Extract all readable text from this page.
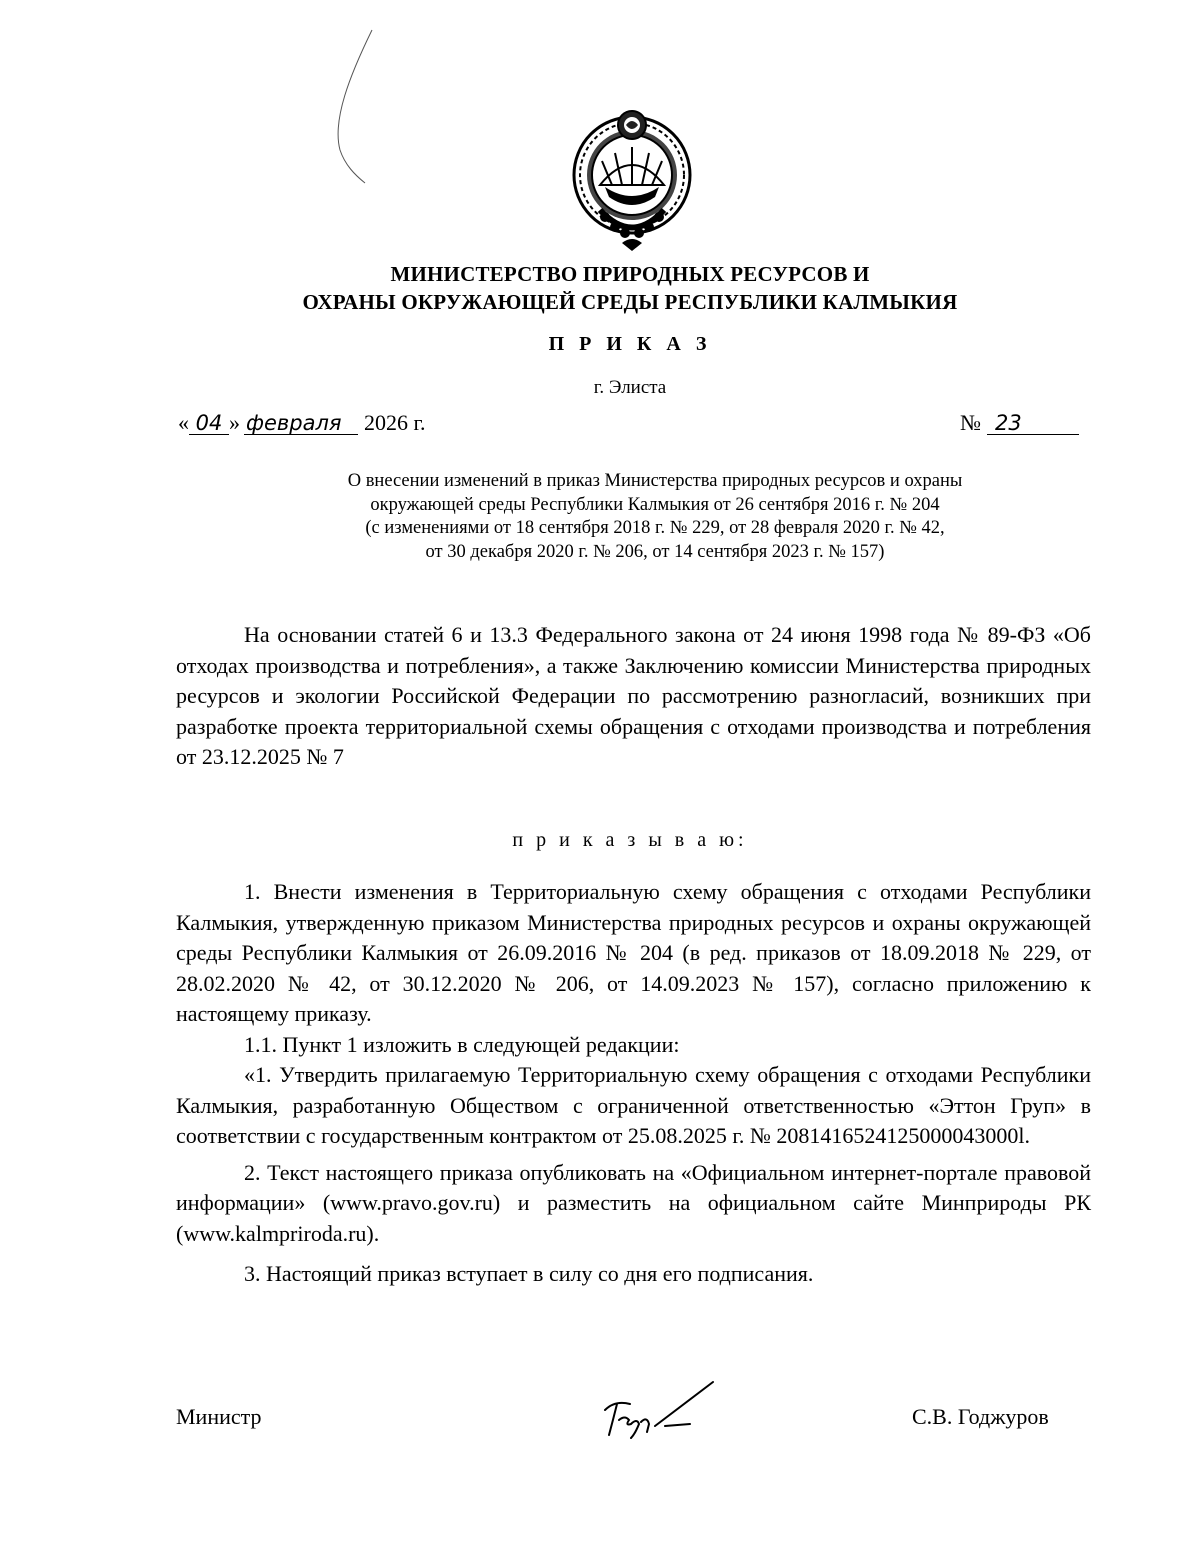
МИНИСТЕРСТВО ПРИРОДНЫХ РЕСУРСОВ И
ОХРАНЫ ОКРУЖАЮЩЕЙ СРЕДЫ РЕСПУБЛИКИ КАЛМЫКИЯ
П Р И К А З
г. Элиста
« 04 » февраля 2026 г.	№ 23
О внесении изменений в приказ Министерства природных ресурсов и охраны
окружающей среды Республики Калмыкия от 26 сентября 2016 г. № 204
(с изменениями от 18 сентября 2018 г. № 229, от 28 февраля 2020 г. № 42,
от 30 декабря 2020 г. № 206, от 14 сентября 2023 г. № 157)

На основании статей 6 и 13.3 Федерального закона от 24 июня 1998 года № 89-ФЗ «Об отходах производства и потребления», а также Заключению комиссии Министерства природных ресурсов и экологии Российской Федерации по рассмотрению разногласий, возникших при разработке проекта территориальной схемы обращения с отходами производства и потребления от 23.12.2025 № 7

п р и к а з ы в а ю:

1. Внести изменения в Территориальную схему обращения с отходами Республики Калмыкия, утвержденную приказом Министерства природных ресурсов и охраны окружающей среды Республики Калмыкия от 26.09.2016 № 204 (в ред. приказов от 18.09.2018 № 229, от 28.02.2020 № 42, от 30.12.2020 № 206, от 14.09.2023 № 157), согласно приложению к настоящему приказу.

1.1. Пункт 1 изложить в следующей редакции:

«1. Утвердить прилагаемую Территориальную схему обращения с отходами Республики Калмыкия, разработанную Обществом с ограниченной ответственностью «Эттон Груп» в соответствии с государственным контрактом от 25.08.2025 г. № 2081416524125000043000l.

2. Текст настоящего приказа опубликовать на «Официальном интернет-портале правовой информации» (www.pravo.gov.ru) и разместить на официальном сайте Минприроды РК (www.kalmpriroda.ru).

3. Настоящий приказ вступает в силу со дня его подписания.

Министр	С.В. Годжуров
